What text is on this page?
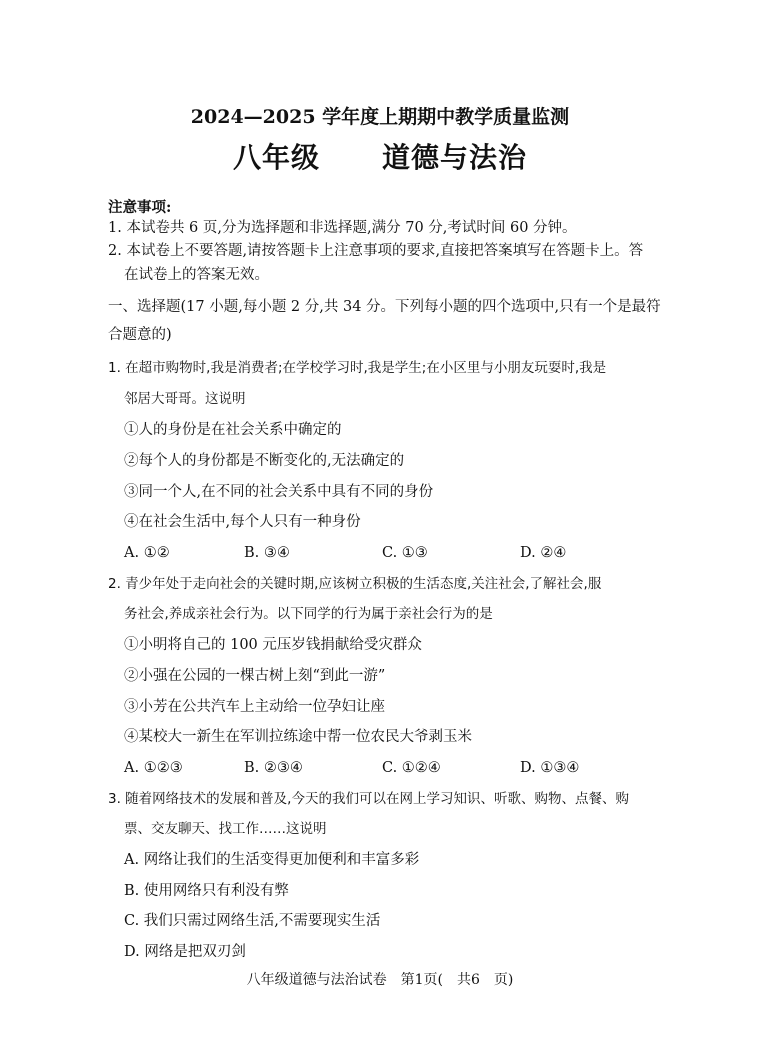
2024—2025 学年度上期期中教学质量监测
八年级 道德与法治
注意事项:
1. 本试卷共 6 页,分为选择题和非选择题,满分 70 分,考试时间 60 分钟。
2. 本试卷上不要答题,请按答题卡上注意事项的要求,直接把答案填写在答题卡上。答
在试卷上的答案无效。
一、选择题(17 小题,每小题 2 分,共 34 分。下列每小题的四个选项中,只有一个是最符
合题意的)
1. 在超市购物时,我是消费者;在学校学习时,我是学生;在小区里与小朋友玩耍时,我是
邻居大哥哥。这说明
①人的身份是在社会关系中确定的
②每个人的身份都是不断变化的,无法确定的
③同一个人,在不同的社会关系中具有不同的身份
④在社会生活中,每个人只有一种身份
A. ①②	B. ③④	C. ①③	D. ②④
2. 青少年处于走向社会的关键时期,应该树立积极的生活态度,关注社会,了解社会,服
务社会,养成亲社会行为。以下同学的行为属于亲社会行为的是
①小明将自己的 100 元压岁钱捐献给受灾群众
②小强在公园的一棵古树上刻“到此一游”
③小芳在公共汽车上主动给一位孕妇让座
④某校大一新生在军训拉练途中帮一位农民大爷剥玉米
A. ①②③	B. ②③④	C. ①②④	D. ①③④
3. 随着网络技术的发展和普及,今天的我们可以在网上学习知识、听歌、购物、点餐、购
票、交友聊天、找工作……这说明
A. 网络让我们的生活变得更加便利和丰富多彩
B. 使用网络只有利没有弊
C. 我们只需过网络生活,不需要现实生活
D. 网络是把双刃剑
八年级道德与法治试卷　第1页(　共6　页)
